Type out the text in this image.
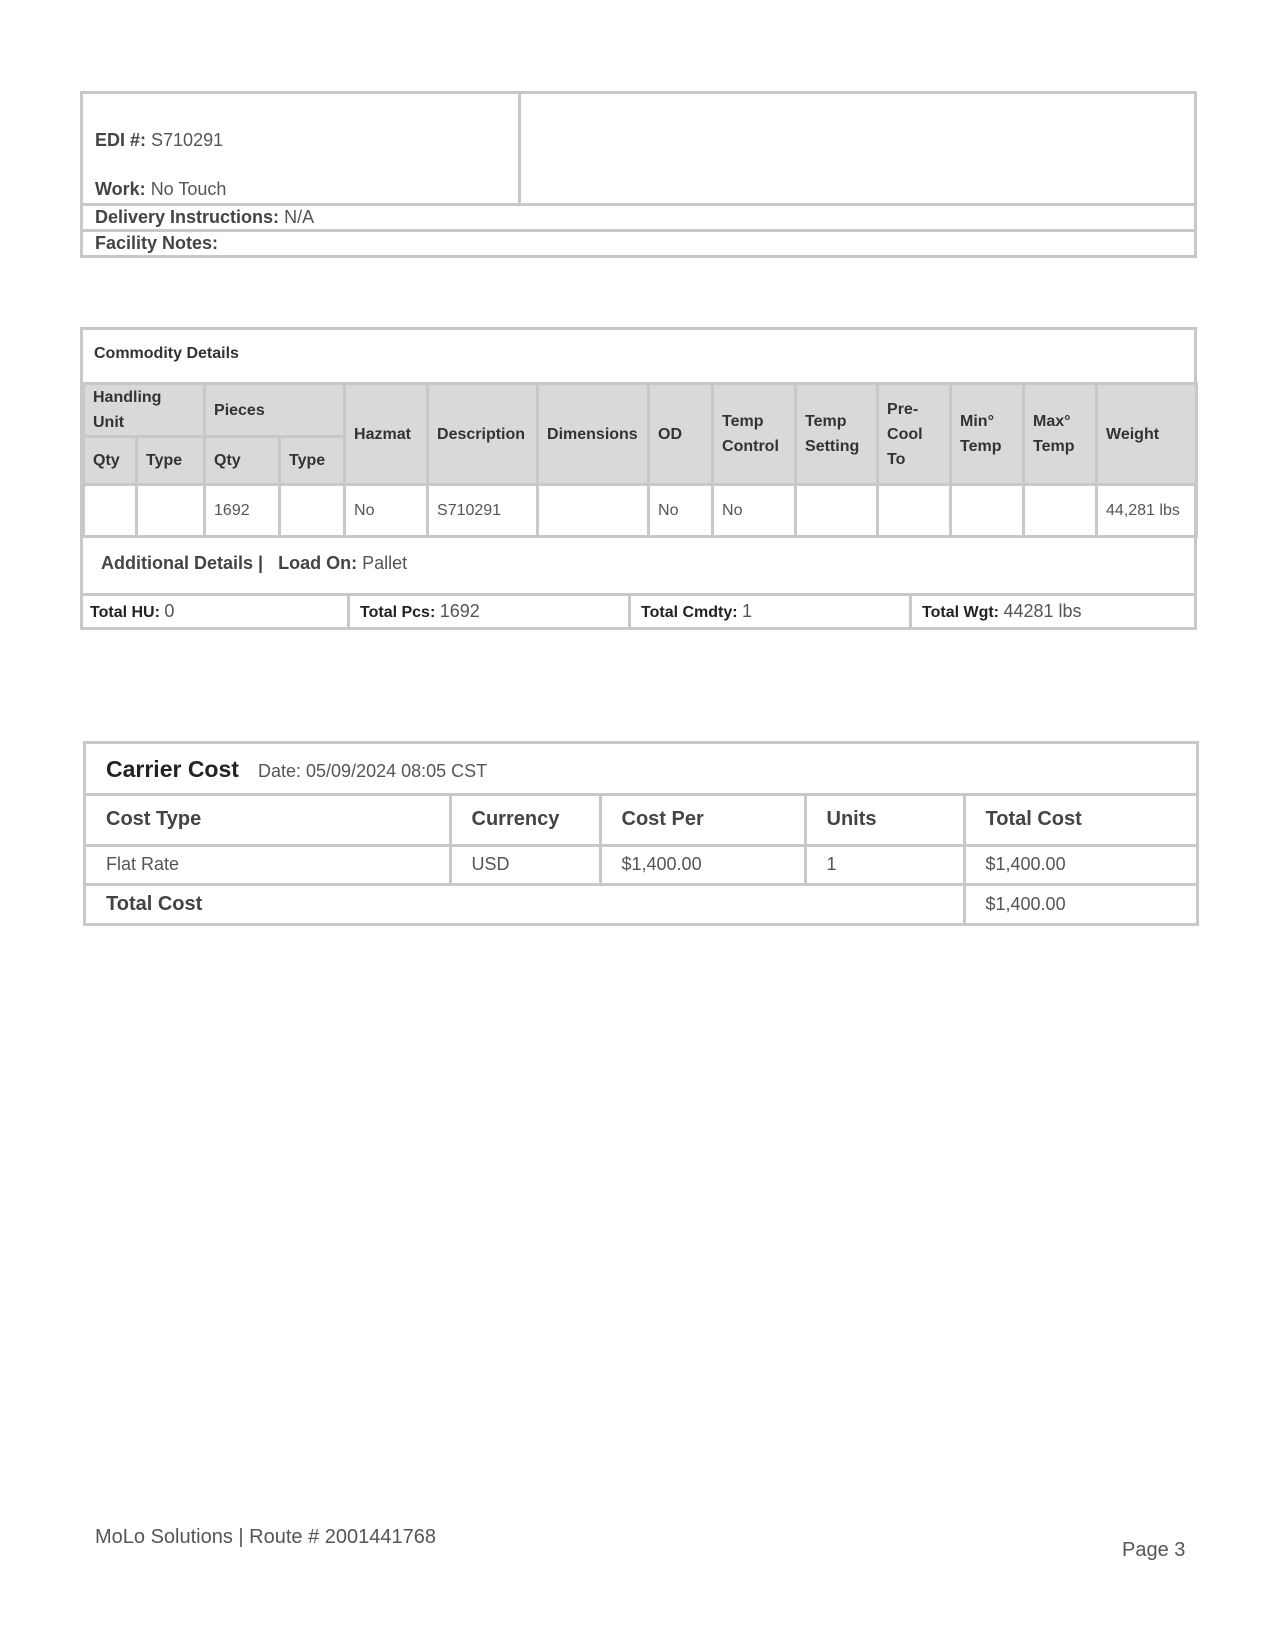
EDI #: S710291
Work: No Touch
Delivery Instructions: N/A
Facility Notes:
Commodity Details
Handling Unit		Pieces		Hazmat	Description	Dimensions	OD	Temp Control	Temp Setting	Pre-Cool To	Min° Temp	Max° Temp	Weight
Qty	Type	Qty	Type										
		1692		No	S710291		No	No					44,281 lbs
Additional Details | Load On: Pallet
Total HU: 0	Total Pcs: 1692	Total Cmdty: 1	Total Wgt: 44281 lbs
Carrier Cost Date: 05/09/2024 08:05 CST
Cost Type	Currency	Cost Per	Units	Total Cost
Flat Rate	USD	$1,400.00	1	$1,400.00
Total Cost				$1,400.00
MoLo Solutions | Route # 2001441768
Page 3
